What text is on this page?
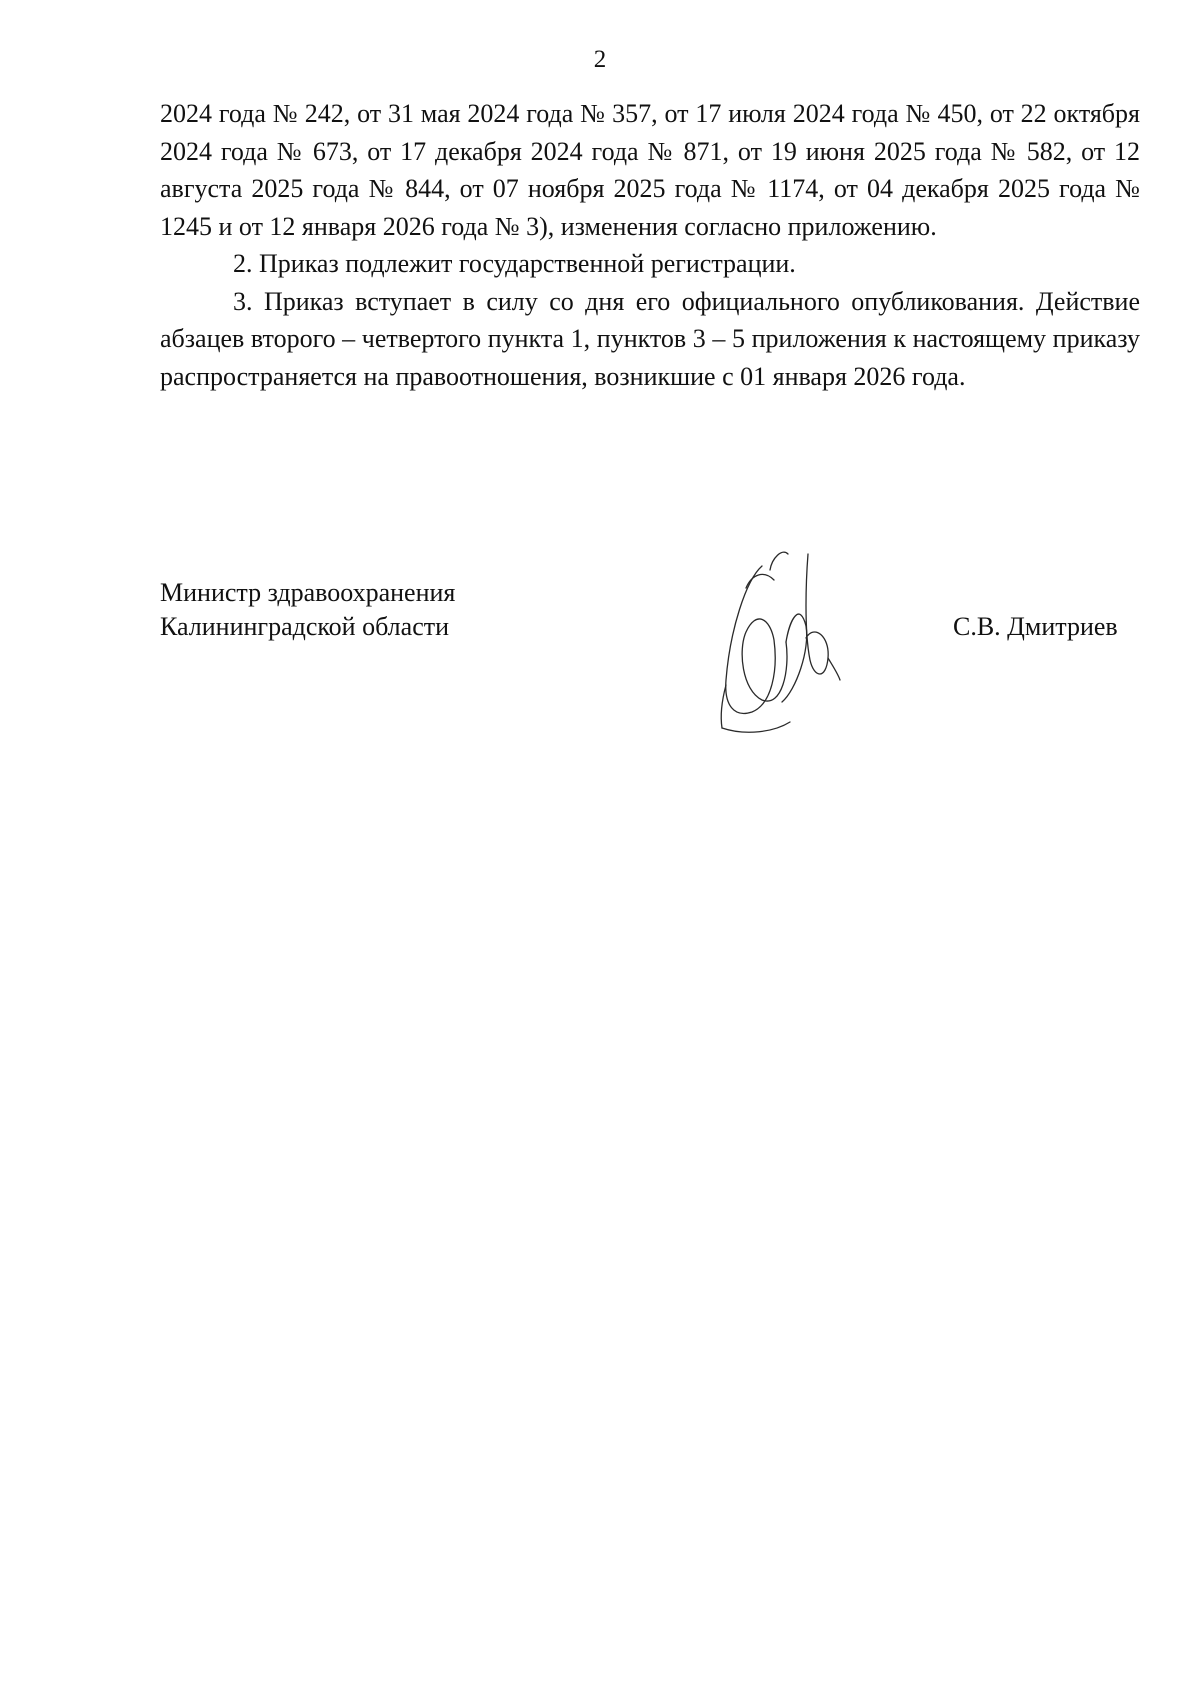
2

2024 года № 242, от 31 мая 2024 года № 357, от 17 июля 2024 года № 450, от 22 октября 2024 года № 673, от 17 декабря 2024 года № 871, от 19 июня 2025 года № 582, от 12 августа 2025 года № 844, от 07 ноября 2025 года № 1174, от 04 декабря 2025 года № 1245 и от 12 января 2026 года № 3), изменения согласно приложению.

2. Приказ подлежит государственной регистрации.

3. Приказ вступает в силу со дня его официального опубликования. Действие абзацев второго – четвертого пункта 1, пунктов 3 – 5 приложения к настоящему приказу распространяется на правоотношения, возникшие с 01 января 2026 года.

Министр здравоохранения
Калининградской области	С.В. Дмитриев
